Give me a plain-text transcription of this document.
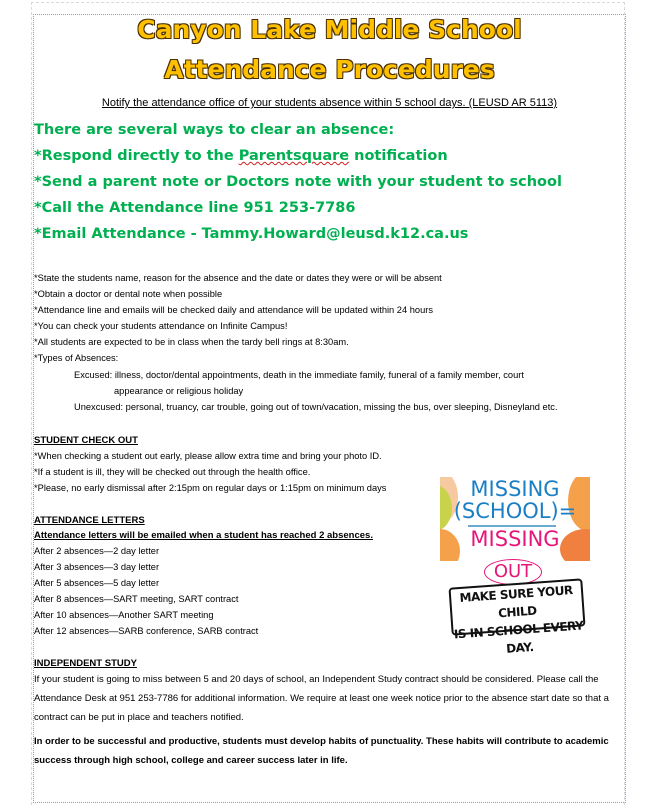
Canyon Lake Middle School
Attendance Procedures
Notify the attendance office of your students absence within 5 school days. (LEUSD AR 5113)
There are several ways to clear an absence:
*Respond directly to the Parentsquare notification
*Send a parent note or Doctors note with your student to school
*Call the Attendance line 951 253-7786
*Email Attendance - Tammy.Howard@leusd.k12.ca.us
*State the students name, reason for the absence and the date or dates they were or will be absent
*Obtain a doctor or dental note when possible
*Attendance line and emails will be checked daily and attendance will be updated within 24 hours
*You can check your students attendance on Infinite Campus!
*All students are expected to be in class when the tardy bell rings at 8:30am.
*Types of Absences:
Excused: illness, doctor/dental appointments, death in the immediate family, funeral of a family member, court
appearance or religious holiday
Unexcused: personal, truancy, car trouble, going out of town/vacation, missing the bus, over sleeping, Disneyland etc.
STUDENT CHECK OUT
*When checking a student out early, please allow extra time and bring your photo ID.
*If a student is ill, they will be checked out through the health office.
*Please, no early dismissal after 2:15pm on regular days or 1:15pm on minimum days
ATTENDANCE LETTERS
Attendance letters will be emailed when a student has reached 2 absences.
After 2 absences—2 day letter
After 3 absences—3 day letter
After 5 absences—5 day letter
After 8 absences—SART meeting, SART contract
After 10 absences—Another SART meeting
After 12 absences—SARB conference, SARB contract
INDEPENDENT STUDY
If your student is going to miss between 5 and 20 days of school, an Independent Study contract should be considered. Please call the Attendance Desk at 951 253-7786 for additional information. We require at least one week notice prior to the absence start date so that a contract can be put in place and teachers notified.
In order to be successful and productive, students must develop habits of punctuality. These habits will contribute to academic success through high school, college and career success later in life.
MISSING
(SCHOOL)=
MISSING
OUT
MAKE SURE YOUR CHILD
IS IN SCHOOL EVERY DAY.
